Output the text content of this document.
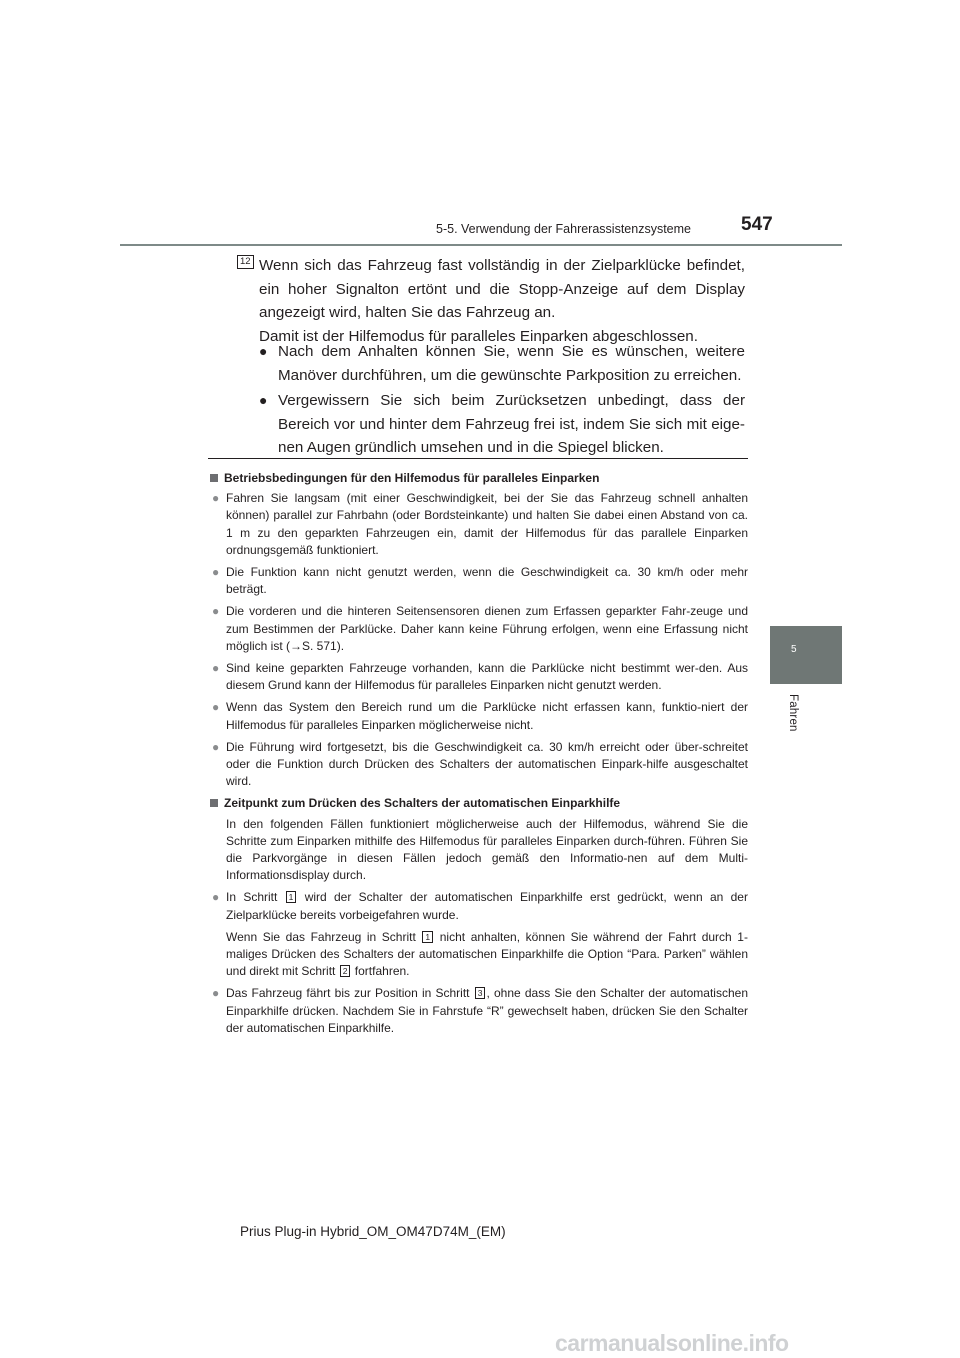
5-5. Verwendung der Fahrerassistenzsysteme	547
5
Fahren
12 Wenn sich das Fahrzeug fast vollständig in der Zielparklücke befindet, ein hoher Signalton ertönt und die Stopp-Anzeige auf dem Display angezeigt wird, halten Sie das Fahrzeug an.

Damit ist der Hilfemodus für paralleles Einparken abgeschlossen.

● Nach dem Anhalten können Sie, wenn Sie es wünschen, weitere Manöver durchführen, um die gewünschte Parkposition zu erreichen.
● Vergewissern Sie sich beim Zurücksetzen unbedingt, dass der Bereich vor und hinter dem Fahrzeug frei ist, indem Sie sich mit eige-nen Augen gründlich umsehen und in die Spiegel blicken.
Betriebsbedingungen für den Hilfemodus für paralleles Einparken
● Fahren Sie langsam (mit einer Geschwindigkeit, bei der Sie das Fahrzeug schnell anhalten können) parallel zur Fahrbahn (oder Bordsteinkante) und halten Sie dabei einen Abstand von ca. 1 m zu den geparkten Fahrzeugen ein, damit der Hilfemodus für das parallele Einparken ordnungsgemäß funktioniert.
● Die Funktion kann nicht genutzt werden, wenn die Geschwindigkeit ca. 30 km/h oder mehr beträgt.
● Die vorderen und die hinteren Seitensensoren dienen zum Erfassen geparkter Fahr-zeuge und zum Bestimmen der Parklücke. Daher kann keine Führung erfolgen, wenn eine Erfassung nicht möglich ist (→S. 571).
● Sind keine geparkten Fahrzeuge vorhanden, kann die Parklücke nicht bestimmt wer-den. Aus diesem Grund kann der Hilfemodus für paralleles Einparken nicht genutzt werden.
● Wenn das System den Bereich rund um die Parklücke nicht erfassen kann, funktio-niert der Hilfemodus für paralleles Einparken möglicherweise nicht.
● Die Führung wird fortgesetzt, bis die Geschwindigkeit ca. 30 km/h erreicht oder über-schreitet oder die Funktion durch Drücken des Schalters der automatischen Einpark-hilfe ausgeschaltet wird.
Zeitpunkt zum Drücken des Schalters der automatischen Einparkhilfe
In den folgenden Fällen funktioniert möglicherweise auch der Hilfemodus, während Sie die Schritte zum Einparken mithilfe des Hilfemodus für paralleles Einparken durch-führen. Führen Sie die Parkvorgänge in diesen Fällen jedoch gemäß den Informatio-nen auf dem Multi-Informationsdisplay durch.
● In Schritt 1 wird der Schalter der automatischen Einparkhilfe erst gedrückt, wenn an der Zielparklücke bereits vorbeigefahren wurde.
Wenn Sie das Fahrzeug in Schritt 1 nicht anhalten, können Sie während der Fahrt durch 1-maliges Drücken des Schalters der automatischen Einparkhilfe die Option “Para. Parken” wählen und direkt mit Schritt 2 fortfahren.
● Das Fahrzeug fährt bis zur Position in Schritt 3 , ohne dass Sie den Schalter der automatischen Einparkhilfe drücken. Nachdem Sie in Fahrstufe “R” gewechselt haben, drücken Sie den Schalter der automatischen Einparkhilfe.
Prius Plug-in Hybrid_OM_OM47D74M_(EM)
carmanualsonline.info
